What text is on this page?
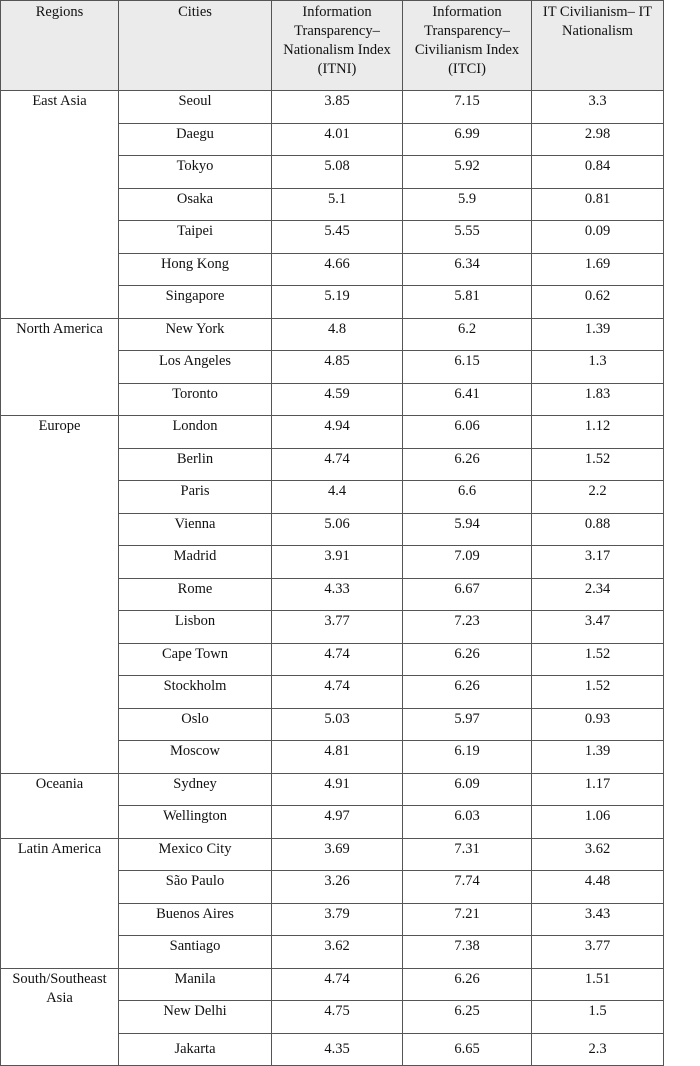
Regions	Cities	Information Transparency– Nationalism Index (ITNI)	Information Transparency– Civilianism Index (ITCI)	IT Civilianism– IT Nationalism
East Asia	Seoul	3.85	7.15	3.3
	Daegu	4.01	6.99	2.98
	Tokyo	5.08	5.92	0.84
	Osaka	5.1	5.9	0.81
	Taipei	5.45	5.55	0.09
	Hong Kong	4.66	6.34	1.69
	Singapore	5.19	5.81	0.62
North America	New York	4.8	6.2	1.39
	Los Angeles	4.85	6.15	1.3
	Toronto	4.59	6.41	1.83
Europe	London	4.94	6.06	1.12
	Berlin	4.74	6.26	1.52
	Paris	4.4	6.6	2.2
	Vienna	5.06	5.94	0.88
	Madrid	3.91	7.09	3.17
	Rome	4.33	6.67	2.34
	Lisbon	3.77	7.23	3.47
	Cape Town	4.74	6.26	1.52
	Stockholm	4.74	6.26	1.52
	Oslo	5.03	5.97	0.93
	Moscow	4.81	6.19	1.39
Oceania	Sydney	4.91	6.09	1.17
	Wellington	4.97	6.03	1.06
Latin America	Mexico City	3.69	7.31	3.62
	São Paulo	3.26	7.74	4.48
	Buenos Aires	3.79	7.21	3.43
	Santiago	3.62	7.38	3.77
South/Southeast Asia	Manila	4.74	6.26	1.51
	New Delhi	4.75	6.25	1.5
	Jakarta	4.35	6.65	2.3
